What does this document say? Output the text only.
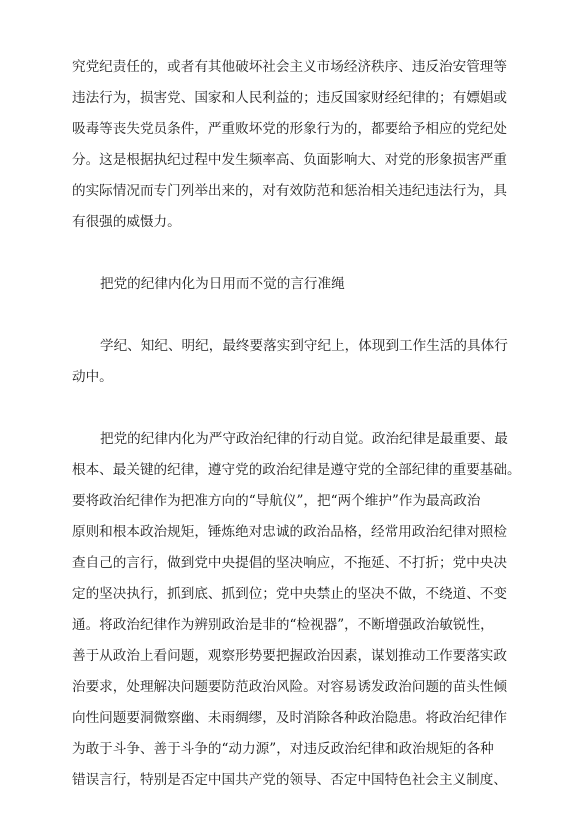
究党纪责任的，或者有其他破坏社会主义市场经济秩序、违反治安管理等
违法行为，损害党、国家和人民利益的；违反国家财经纪律的；有嫖娼或
吸毒等丧失党员条件，严重败坏党的形象行为的，都要给予相应的党纪处
分。这是根据执纪过程中发生频率高、负面影响大、对党的形象损害严重
的实际情况而专门列举出来的，对有效防范和惩治相关违纪违法行为，具
有很强的威慑力。
把党的纪律内化为日用而不觉的言行准绳
学纪、知纪、明纪，最终要落实到守纪上，体现到工作生活的具体行
动中。
把党的纪律内化为严守政治纪律的行动自觉。政治纪律是最重要、最
根本、最关键的纪律，遵守党的政治纪律是遵守党的全部纪律的重要基础。
要将政治纪律作为把准方向的“导航仪”，把“两个维护”作为最高政治
原则和根本政治规矩，锤炼绝对忠诚的政治品格，经常用政治纪律对照检
查自己的言行，做到党中央提倡的坚决响应，不拖延、不打折；党中央决
定的坚决执行，抓到底、抓到位；党中央禁止的坚决不做，不绕道、不变
通。将政治纪律作为辨别政治是非的“检视器”，不断增强政治敏锐性，
善于从政治上看问题，观察形势要把握政治因素，谋划推动工作要落实政
治要求，处理解决问题要防范政治风险。对容易诱发政治问题的苗头性倾
向性问题要洞微察幽、未雨绸缪，及时消除各种政治隐患。将政治纪律作
为敢于斗争、善于斗争的“动力源”，对违反政治纪律和政治规矩的各种
错误言行，特别是否定中国共产党的领导、否定中国特色社会主义制度、
